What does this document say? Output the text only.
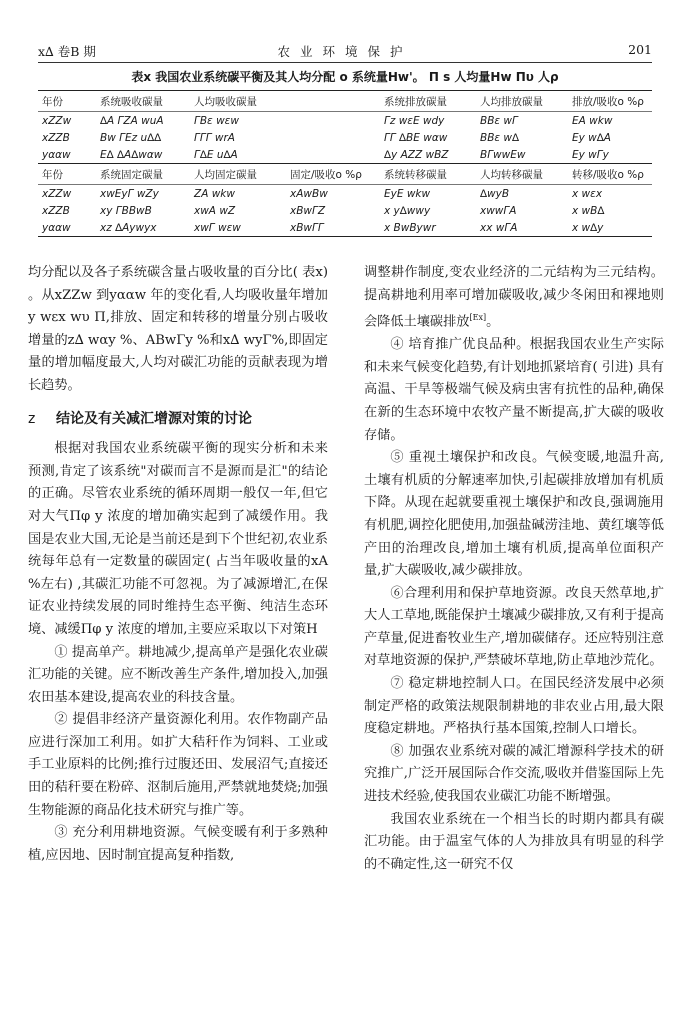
x∆ 卷B 期	农业环境保护	201
表x 我国农业系统碳平衡及其人均分配 o 系统量Hw'。 Π s 人均量Hw Πυ 人ρ
年份	系统吸收碳量	人均吸收碳量		系统排放碳量	人均排放碳量	排放/吸收o %ρ
xZZw	∆A ΓZA wuA	ΓBε wεw		Γz wεE wdy	BBε wΓ	EA wkw
xZZB	Bw ΓEz u∆∆	ΓΓΓ wrA		ΓΓ ∆BE wαw	BBε w∆	Ey w∆A
yααw	E∆ ∆A∆wαw	Γ∆E u∆A		∆y AZZ wBZ	BΓwwEw	Ey wΓy
年份	系统固定碳量	人均固定碳量	固定/吸收o %ρ	系统转移碳量	人均转移碳量	转移/吸收o %ρ
xZZw	xwEyΓ wZy	ZA wkw	xAwBw	EyE wkw	∆wyB	x wεx
xZZB	xy ΓBBwB	xwA wZ	xBwΓZ	x y∆wwy	xwwΓA	x wB∆
yααw	xz ∆Aywyx	xwΓ wεw	xBwΓΓ	x BwBywr	xx wΓA	x w∆y

均分配以及各子系统碳含量占吸收量的百分比( 表x) 。从xZZw 到yααw 年的变化看,人均吸收量年增加y wεx wυ Π,排放、固定和转移的增量分别占吸收增量的z∆ wαy %、ABwΓy %和x∆ wyΓ%,即固定量的增加幅度最大,人均对碳汇功能的贡献表现为增长趋势。

z 结论及有关减汇增源对策的讨论

根据对我国农业系统碳平衡的现实分析和未来预测,肯定了该系统"对碳而言不是源而是汇"的结论的正确。尽管农业系统的循环周期一般仅一年,但它对大气Πφ y 浓度的增加确实起到了减缓作用。我国是农业大国,无论是当前还是到下个世纪初,农业系统每年总有一定数量的碳固定( 占当年吸收量的xA %左右) ,其碳汇功能不可忽视。为了减源增汇,在保证农业持续发展的同时维持生态平衡、纯洁生态环境、减缓Πφ y 浓度的增加,主要应采取以下对策H

① 提高单产。耕地减少,提高单产是强化农业碳汇功能的关键。应不断改善生产条件,增加投入,加强农田基本建设,提高农业的科技含量。

② 提倡非经济产量资源化利用。农作物副产品应进行深加工利用。如扩大秸秆作为饲料、工业或手工业原料的比例;推行过腹还田、发展沼气;直接还田的秸秆要在粉碎、沤制后施用,严禁就地焚烧;加强生物能源的商品化技术研究与推广等。

③ 充分利用耕地资源。气候变暖有利于多熟种植,应因地、因时制宜提高复种指数,

调整耕作制度,变农业经济的二元结构为三元结构。提高耕地利用率可增加碳吸收,减少冬闲田和裸地则会降低土壤碳排放[Ex]。

④ 培育推广优良品种。根据我国农业生产实际和未来气候变化趋势,有计划地抓紧培育( 引进) 具有高温、干旱等极端气候及病虫害有抗性的品种,确保在新的生态环境中农牧产量不断提高,扩大碳的吸收存储。

⑤ 重视土壤保护和改良。气候变暖,地温升高,土壤有机质的分解速率加快,引起碳排放增加有机质下降。从现在起就要重视土壤保护和改良,强调施用有机肥,调控化肥使用,加强盐碱涝洼地、黄红壤等低产田的治理改良,增加土壤有机质,提高单位面积产量,扩大碳吸收,减少碳排放。

⑥合理利用和保护草地资源。改良天然草地,扩大人工草地,既能保护土壤减少碳排放,又有利于提高产草量,促进畜牧业生产,增加碳储存。还应特别注意对草地资源的保护,严禁破坏草地,防止草地沙荒化。

⑦ 稳定耕地控制人口。在国民经济发展中必须制定严格的政策法规限制耕地的非农业占用,最大限度稳定耕地。严格执行基本国策,控制人口增长。

⑧ 加强农业系统对碳的减汇增源科学技术的研究推广,广泛开展国际合作交流,吸收并借鉴国际上先进技术经验,使我国农业碳汇功能不断增强。

我国农业系统在一个相当长的时期内都具有碳汇功能。由于温室气体的人为排放具有明显的科学的不确定性,这一研究不仅
